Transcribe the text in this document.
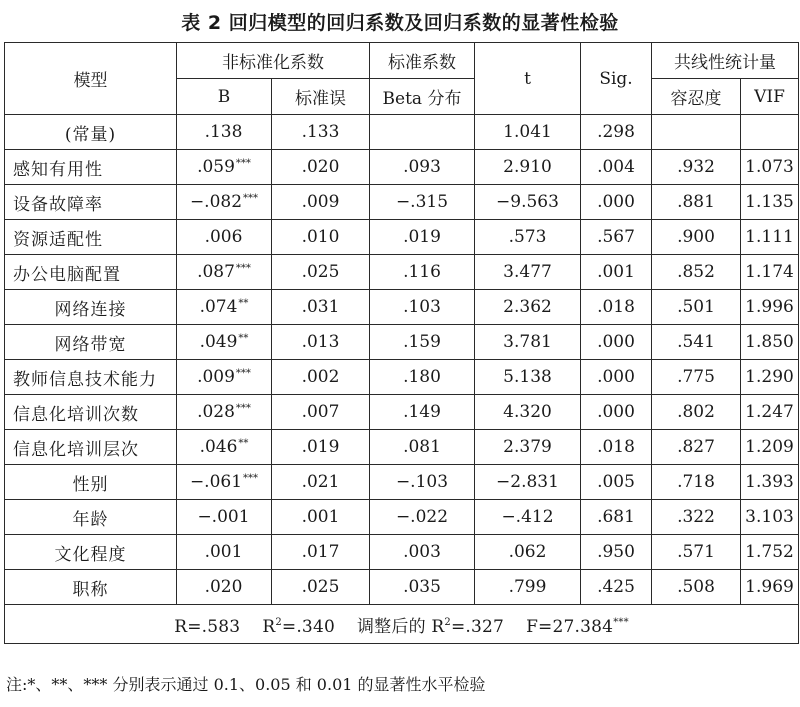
表 2 回归模型的回归系数及回归系数的显著性检验
模型	非标准化系数		标准系数	t	Sig.	共线性统计量	
	B	标准误	Beta 分布			容忍度	VIF
(常量)	.138	.133		1.041	.298		
感知有用性	.059***	.020	.093	2.910	.004	.932	1.073
设备故障率	−.082***	.009	−.315	−9.563	.000	.881	1.135
资源适配性	.006	.010	.019	.573	.567	.900	1.111
办公电脑配置	.087***	.025	.116	3.477	.001	.852	1.174
网络连接	.074**	.031	.103	2.362	.018	.501	1.996
网络带宽	.049**	.013	.159	3.781	.000	.541	1.850
教师信息技术能力	.009***	.002	.180	5.138	.000	.775	1.290
信息化培训次数	.028***	.007	.149	4.320	.000	.802	1.247
信息化培训层次	.046**	.019	.081	2.379	.018	.827	1.209
性别	−.061***	.021	−.103	−2.831	.005	.718	1.393
年龄	−.001	.001	−.022	−.412	.681	.322	3.103
文化程度	.001	.017	.003	.062	.950	.571	1.752
职称	.020	.025	.035	.799	.425	.508	1.969
R=.583 $R^2=.340$ 调整后的 $R^2=.327$ F=27.384***
注:*、**、*** 分别表示通过 0.1、0.05 和 0.01 的显著性水平检验
